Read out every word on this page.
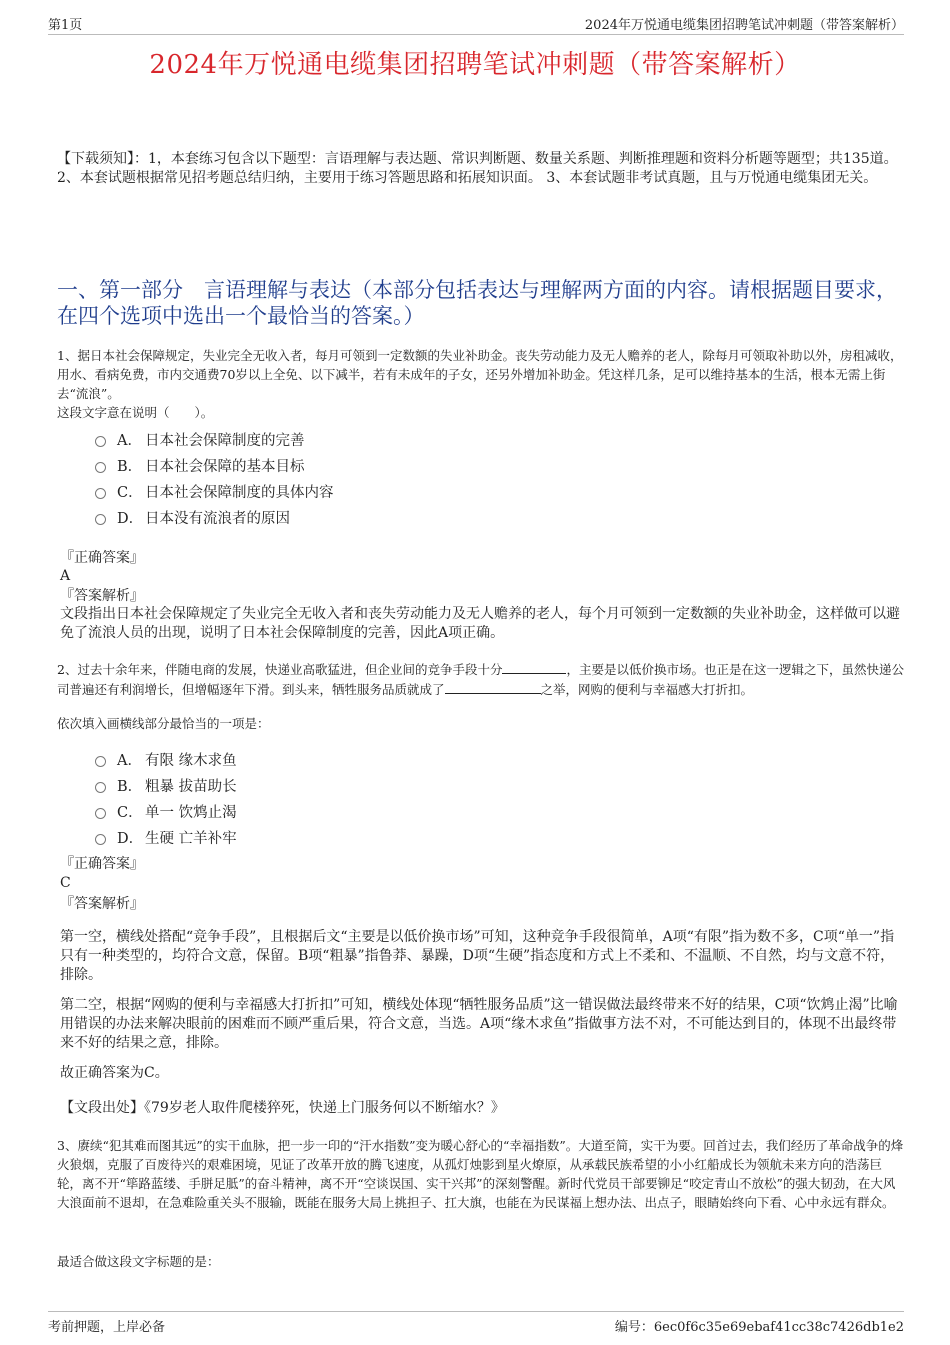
第1页	2024年万悦通电缆集团招聘笔试冲刺题（带答案解析）
2024年万悦通电缆集团招聘笔试冲刺题（带答案解析）
【下载须知】：1，本套练习包含以下题型：言语理解与表达题、常识判断题、数量关系题、判断推理题和资料分析题等题型；共135道。 2、本套试题根据常见招考题总结归纳，主要用于练习答题思路和拓展知识面。 3、本套试题非考试真题，且与万悦通电缆集团无关。
一、第一部分　言语理解与表达（本部分包括表达与理解两方面的内容。请根据题目要求，在四个选项中选出一个最恰当的答案。）
1、据日本社会保障规定，失业完全无收入者，每月可领到一定数额的失业补助金。丧失劳动能力及无人赡养的老人，除每月可领取补助以外，房租减收，用水、看病免费，市内交通费70岁以上全免、以下减半，若有未成年的子女，还另外增加补助金。凭这样几条，足可以维持基本的生活，根本无需上街去“流浪”。
这段文字意在说明（　　）。
A． 日本社会保障制度的完善
B． 日本社会保障的基本目标
C． 日本社会保障制度的具体内容
D． 日本没有流浪者的原因
『正确答案』
A
『答案解析』
文段指出日本社会保障规定了失业完全无收入者和丧失劳动能力及无人赡养的老人，每个月可领到一定数额的失业补助金，这样做可以避免了流浪人员的出现，说明了日本社会保障制度的完善，因此A项正确。
2、过去十余年来，伴随电商的发展，快递业高歌猛进，但企业间的竞争手段十分	，主要是以低价换市场。也正是在这一逻辑之下，虽然快递公司普遍还有利润增长，但增幅逐年下滑。到头来，牺牲服务品质就成了	之举，网购的便利与幸福感大打折扣。
依次填入画横线部分最恰当的一项是：
A． 有限 缘木求鱼
B． 粗暴 拔苗助长
C． 单一 饮鸩止渴
D． 生硬 亡羊补牢
『正确答案』
C
『答案解析』

第一空，横线处搭配“竞争手段”，且根据后文“主要是以低价换市场”可知，这种竞争手段很简单，A项“有限”指为数不多，C项“单一”指只有一种类型的，均符合文意，保留。B项“粗暴”指鲁莽、暴躁，D项“生硬”指态度和方式上不柔和、不温顺、不自然，均与文意不符，排除。

第二空，根据“网购的便利与幸福感大打折扣”可知，横线处体现“牺牲服务品质”这一错误做法最终带来不好的结果，C项“饮鸩止渴”比喻用错误的办法来解决眼前的困难而不顾严重后果，符合文意，当选。A项“缘木求鱼”指做事方法不对，不可能达到目的，体现不出最终带来不好的结果之意，排除。

故正确答案为C。

【文段出处】《79岁老人取件爬楼猝死，快递上门服务何以不断缩水？》

3、赓续“犯其难而图其远”的实干血脉，把一步一印的“汗水指数”变为暖心舒心的“幸福指数”。大道至简，实干为要。回首过去，我们经历了革命战争的烽火狼烟，克服了百废待兴的艰难困境，见证了改革开放的腾飞速度，从孤灯烛影到星火燎原，从承载民族希望的小小红船成长为领航未来方向的浩荡巨轮，离不开“筚路蓝缕、手胼足胝”的奋斗精神，离不开“空谈误国、实干兴邦”的深刻警醒。新时代党员干部要铆足“咬定青山不放松”的强大韧劲，在大风大浪面前不退却，在急难险重关头不服输，既能在服务大局上挑担子、扛大旗，也能在为民谋福上想办法、出点子，眼睛始终向下看、心中永远有群众。
最适合做这段文字标题的是：
考前押题，上岸必备	编号：6ec0f6c35e69ebaf41cc38c7426db1e2
